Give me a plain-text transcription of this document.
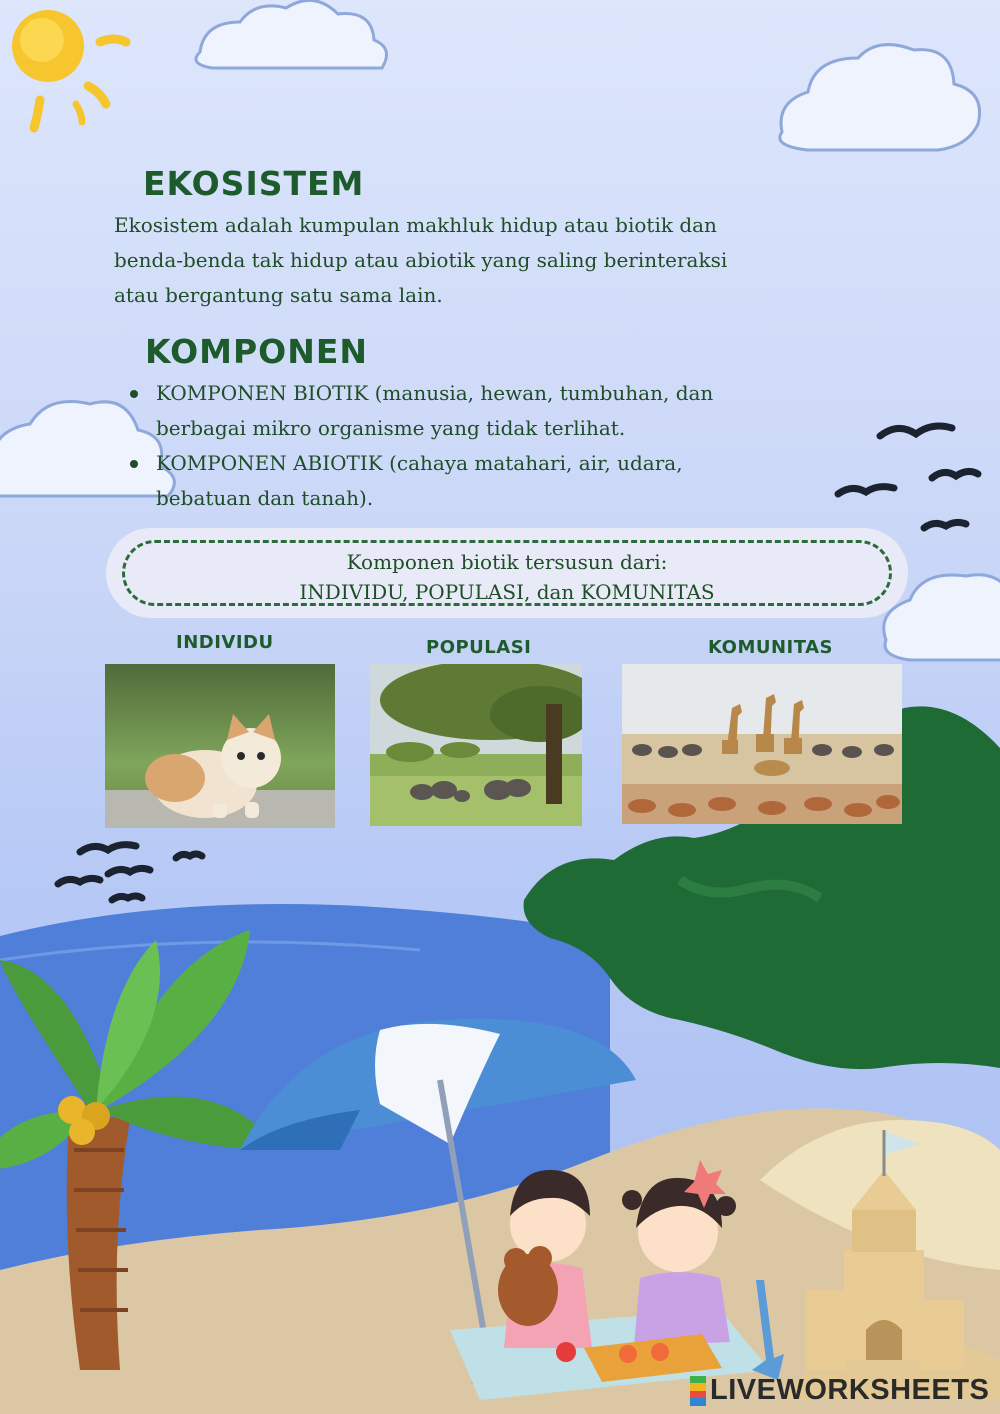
EKOSISTEM

Ekosistem adalah kumpulan makhluk hidup atau biotik dan
benda-benda tak hidup atau abiotik yang saling berinteraksi
atau bergantung satu sama lain.

KOMPONEN
KOMPONEN BIOTIK (manusia, hewan, tumbuhan, dan
berbagai mikro organisme yang tidak terlihat.
KOMPONEN ABIOTIK (cahaya matahari, air, udara,
bebatuan dan tanah).
Komponen biotik tersusun dari:
INDIVIDU, POPULASI, dan KOMUNITAS
INDIVIDU	POPULASI	KOMUNITAS
LIVEWORKSHEETS
